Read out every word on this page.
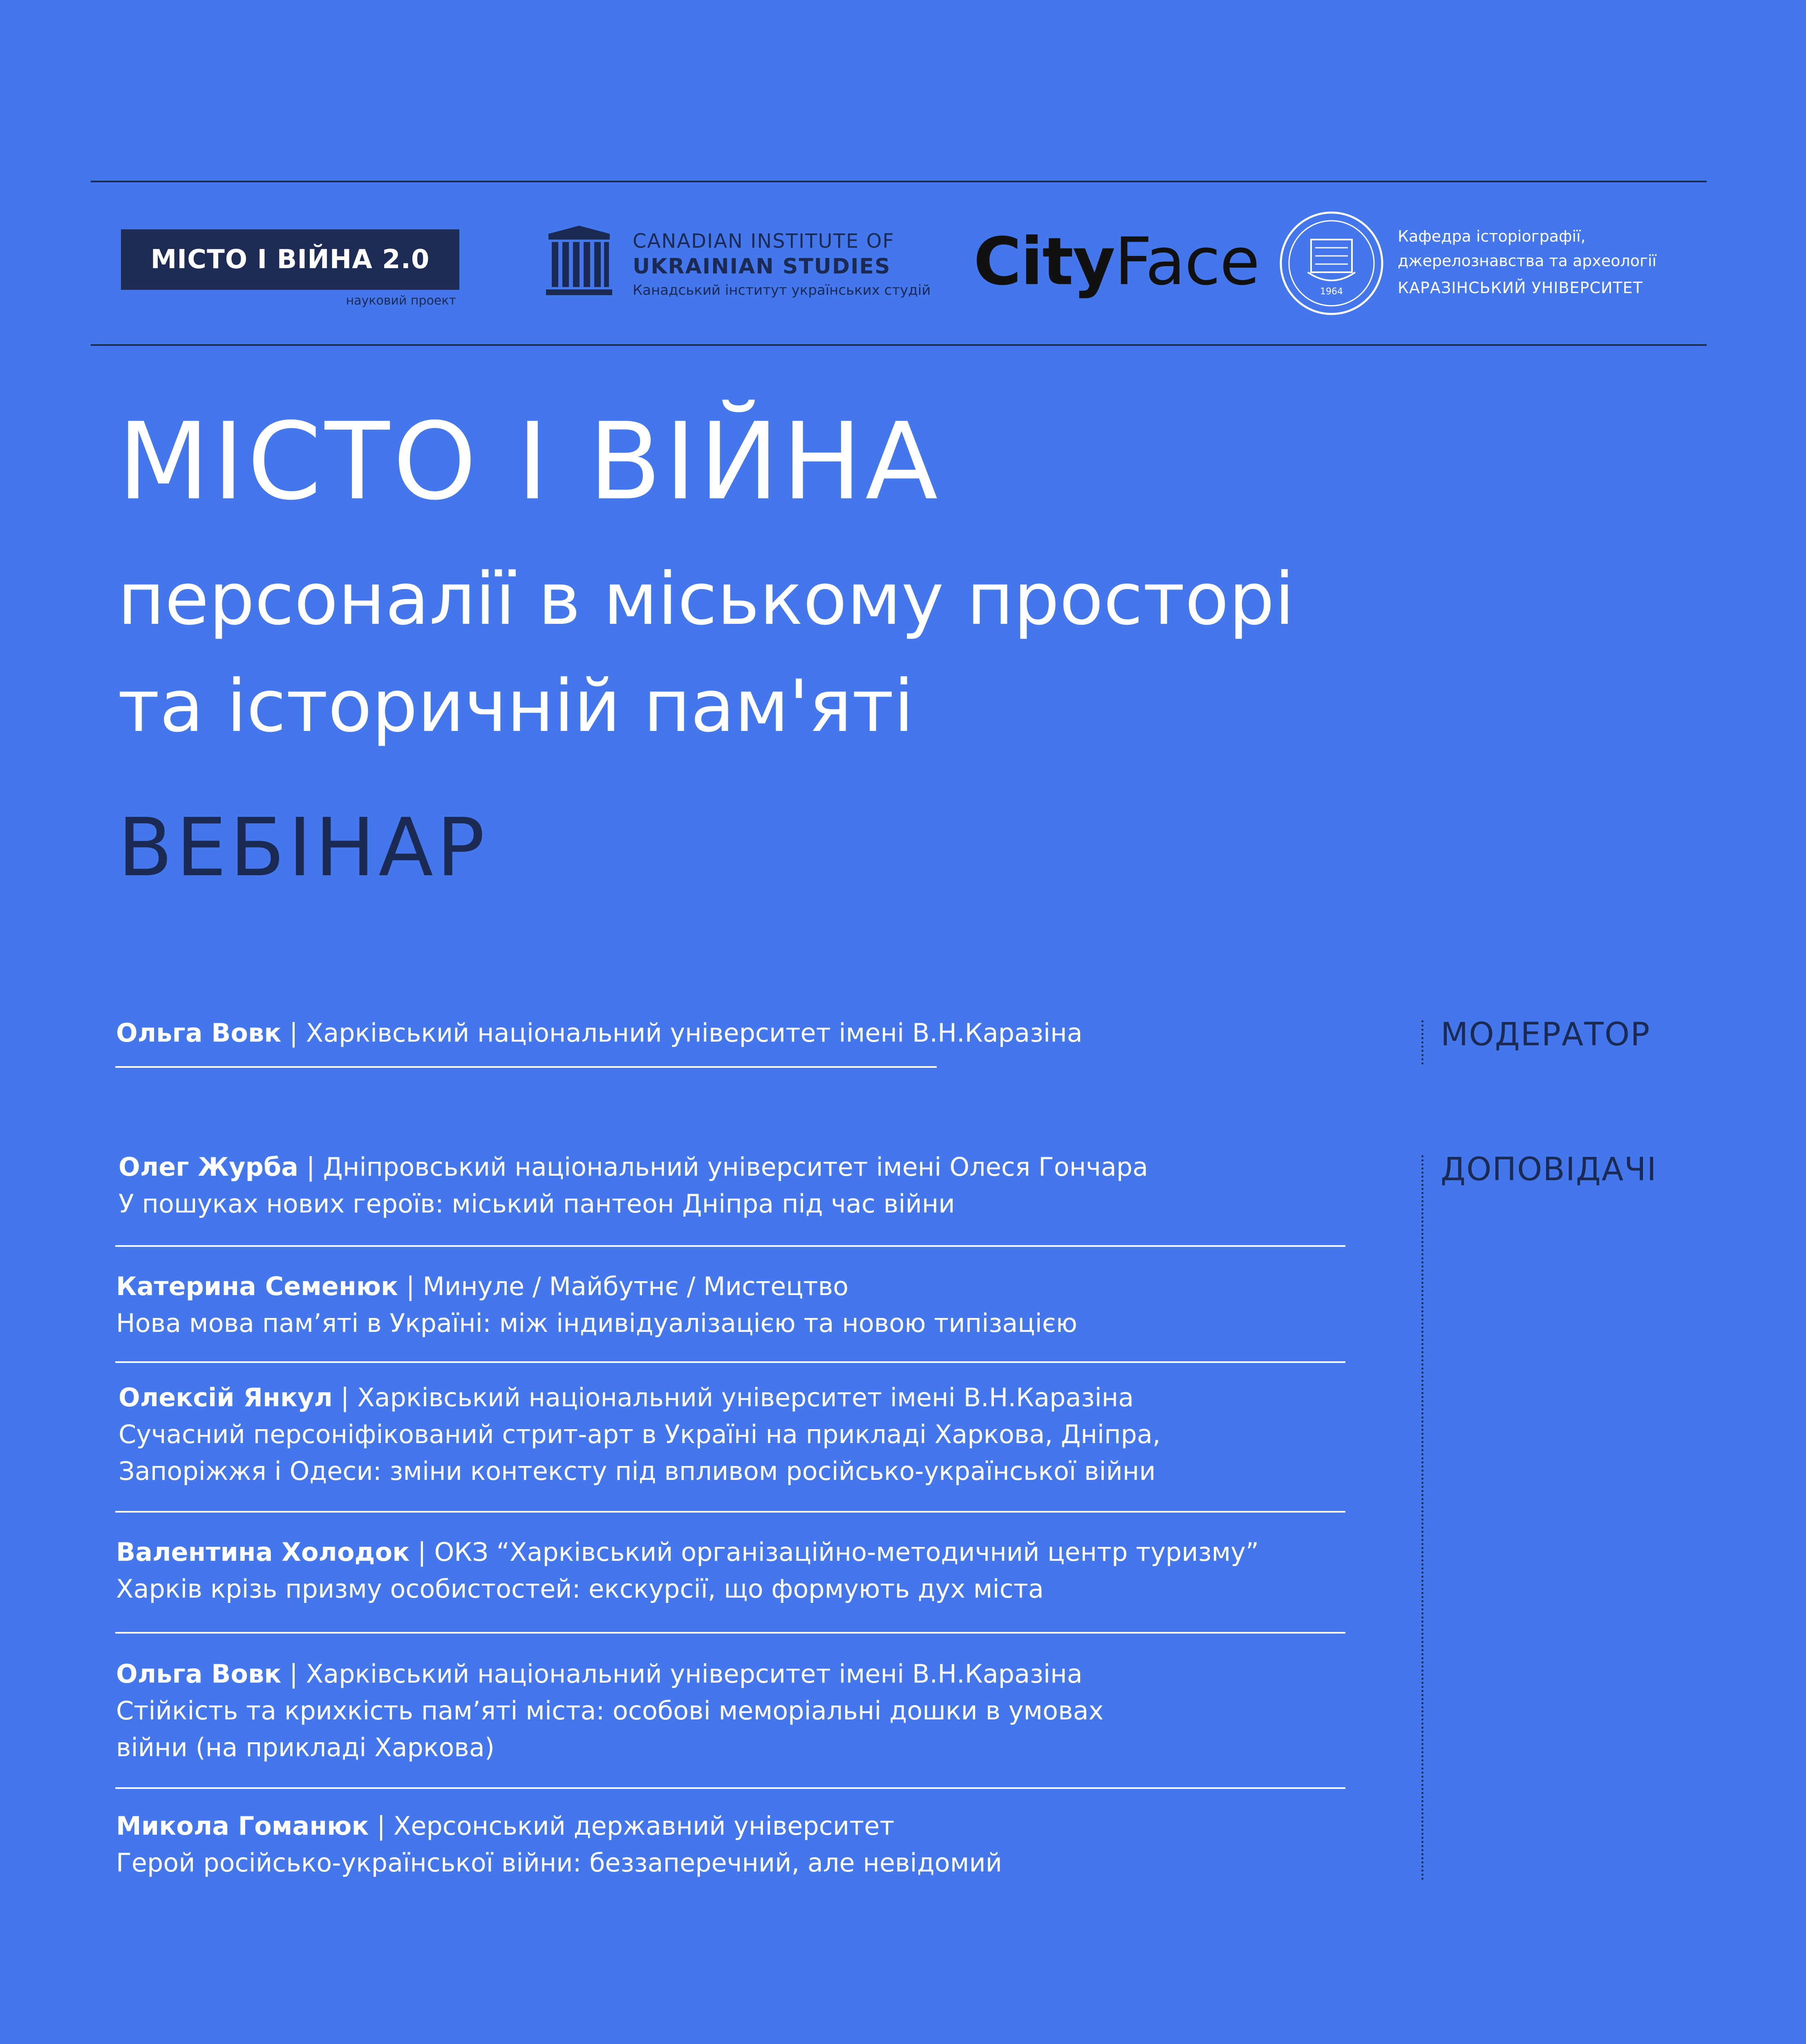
МІСТО І ВІЙНА 2.0
науковий проект
CANADIAN INSTITUTE OF
UKRAINIAN STUDIES
Канадський інститут українських студій CityFace	1964
Кафедра історіографії,
джерелознавства та археології
КАРАЗІНСЬКИЙ УНІВЕРСИТЕТ
МІСТО І ВІЙНА
персоналії в міському просторі
та історичній пам'яті
ВЕБІНАР
МОДЕРАТОР
ДОПОВІДАЧІ
Ольга Вовк | Харківський національний університет імені В.Н.Каразіна
Олег Журба | Дніпровський національний університет імені Олеся Гончара
У пошуках нових героїв: міський пантеон Дніпра під час війни
Катерина Семенюк | Минуле / Майбутнє / Мистецтво
Нова мова пам’яті в Україні: між індивідуалізацією та новою типізацією
Олексій Янкул | Харківський національний університет імені В.Н.Каразіна
Сучасний персоніфікований стрит-арт в Україні на прикладі Харкова, Дніпра, Запоріжжя і Одеси: зміни контексту під впливом російсько-української війни
Валентина Холодок | ОКЗ “Харківський організаційно-методичний центр туризму”
Харків крізь призму особистостей: екскурсії, що формують дух міста
Ольга Вовк | Харківський національний університет імені В.Н.Каразіна
Стійкість та крихкість пам’яті міста: особові меморіальні дошки в умовах війни (на прикладі Харкова)
Микола Гоманюк | Херсонський державний університет
Герой російсько-української війни: беззаперечний, але невідомий
